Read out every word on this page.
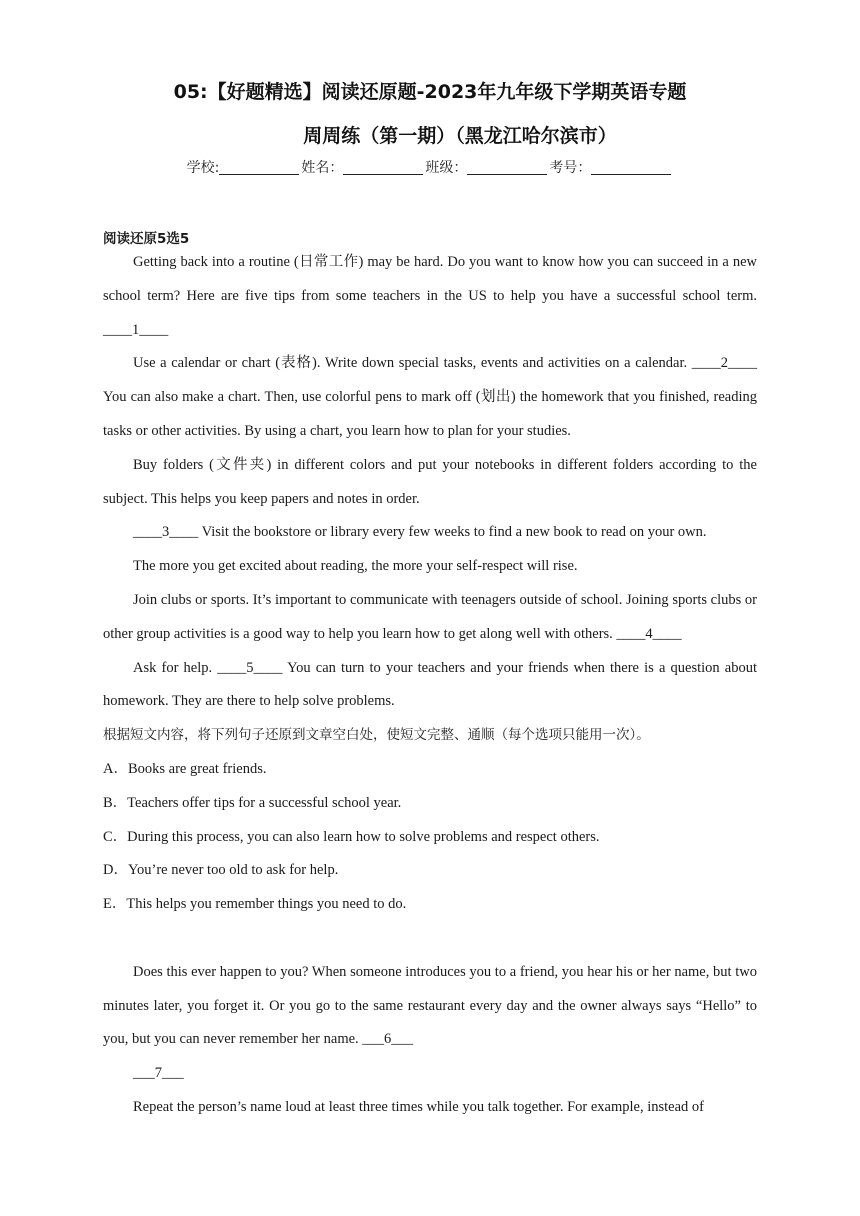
05:【好题精选】阅读还原题-2023年九年级下学期英语专题
周周练（第一期）（黑龙江哈尔滨市）
学校:	姓名：	班级：	考号：
阅读还原5选5

Getting back into a routine (日常工作) may be hard. Do you want to know how you can succeed in a new school term? Here are five tips from some teachers in the US to help you have a successful school term. ____1____

Use a calendar or chart (表格). Write down special tasks, events and activities on a calendar. ____2____ You can also make a chart. Then, use colorful pens to mark off (划出) the homework that you finished, reading tasks or other activities. By using a chart, you learn how to plan for your studies.

Buy folders (文件夹) in different colors and put your notebooks in different folders according to the subject. This helps you keep papers and notes in order.

____3____ Visit the bookstore or library every few weeks to find a new book to read on your own.

The more you get excited about reading, the more your self-respect will rise.

Join clubs or sports. It’s important to communicate with teenagers outside of school. Joining sports clubs or other group activities is a good way to help you learn how to get along well with others. ____4____

Ask for help. ____5____ You can turn to your teachers and your friends when there is a question about homework. They are there to help solve problems.

根据短文内容，将下列句子还原到文章空白处，使短文完整、通顺（每个选项只能用一次）。

A．Books are great friends.

B．Teachers offer tips for a successful school year.

C．During this process, you can also learn how to solve problems and respect others.

D．You’re never too old to ask for help.

E．This helps you remember things you need to do.

Does this ever happen to you? When someone introduces you to a friend, you hear his or her name, but two minutes later, you forget it. Or you go to the same restaurant every day and the owner always says “Hello” to you, but you can never remember her name. ___6___

___7___

Repeat the person’s name loud at least three times while you talk together. For example, instead of
